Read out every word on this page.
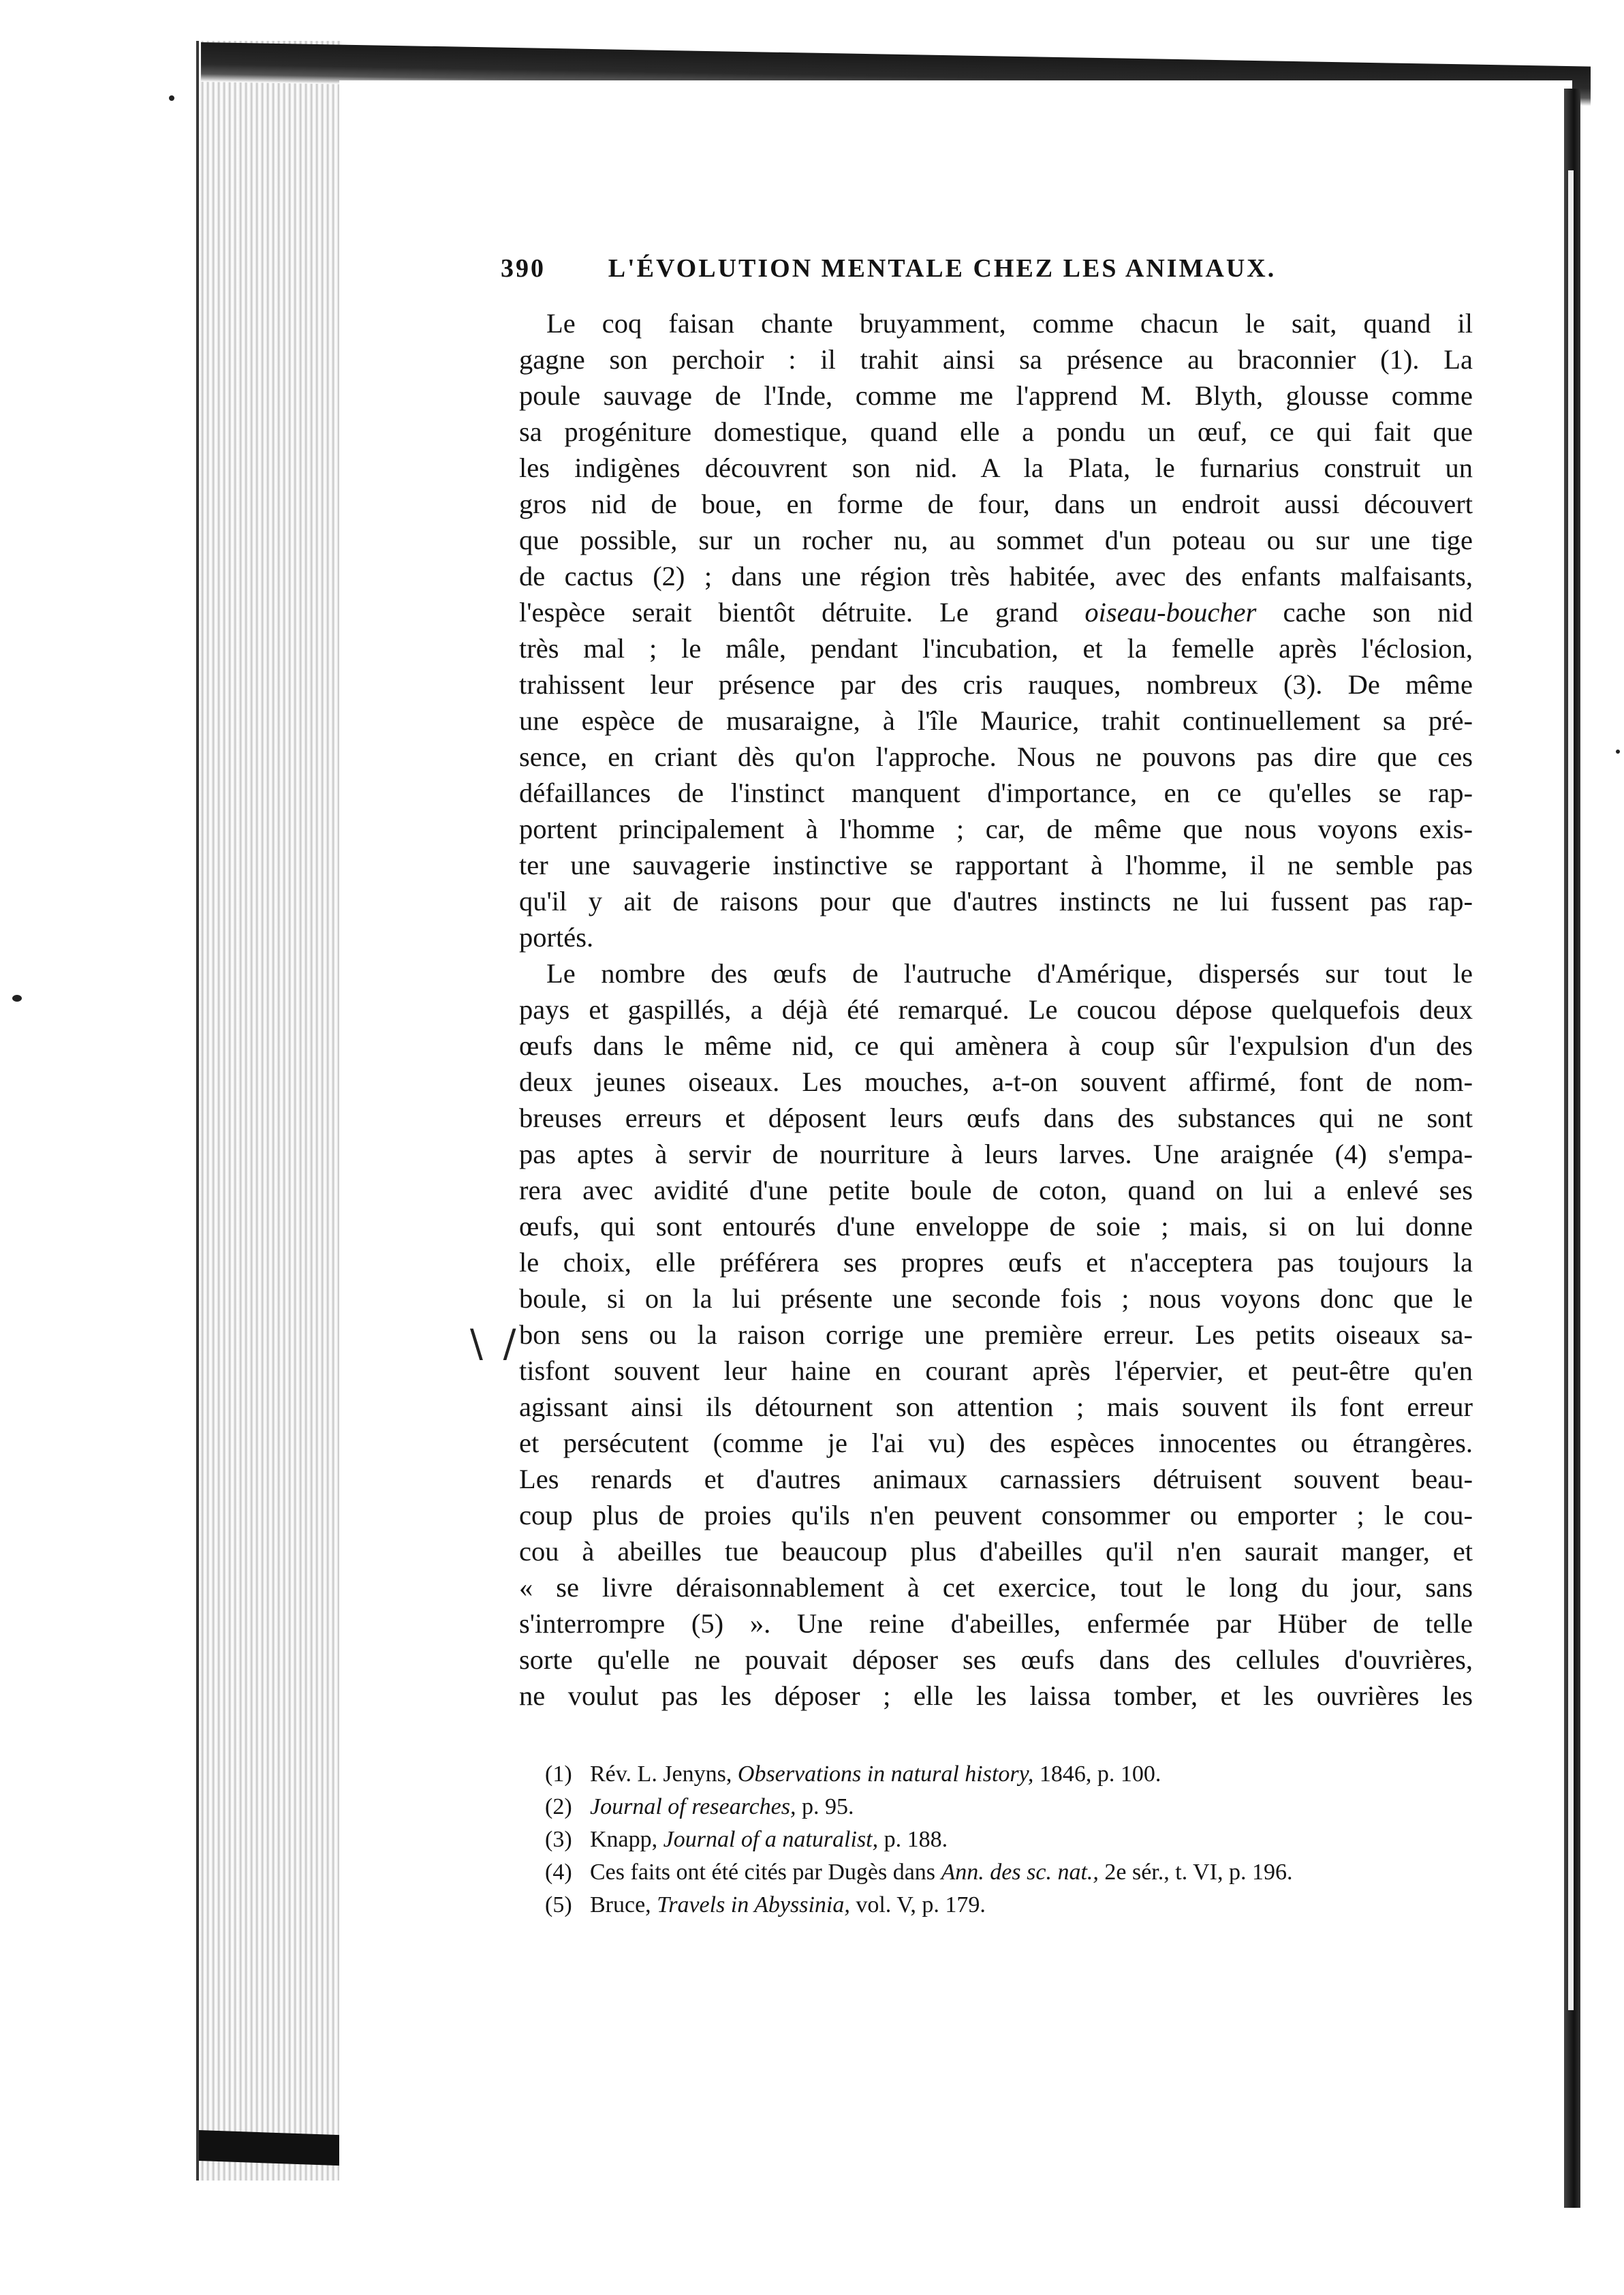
390	L'ÉVOLUTION MENTALE CHEZ LES ANIMAUX.
Le coq faisan chante bruyamment, comme chacun le sait, quand il
gagne son perchoir : il trahit ainsi sa présence au braconnier (1). La
poule sauvage de l'Inde, comme me l'apprend M. Blyth, glousse comme
sa progéniture domestique, quand elle a pondu un œuf, ce qui fait que
les indigènes découvrent son nid. A la Plata, le furnarius construit un
gros nid de boue, en forme de four, dans un endroit aussi découvert
que possible, sur un rocher nu, au sommet d'un poteau ou sur une tige
de cactus (2) ; dans une région très habitée, avec des enfants malfaisants,
l'espèce serait bientôt détruite. Le grand oiseau-boucher cache son nid
très mal ; le mâle, pendant l'incubation, et la femelle après l'éclosion,
trahissent leur présence par des cris rauques, nombreux (3). De même
une espèce de musaraigne, à l'île Maurice, trahit continuellement sa pré-
sence, en criant dès qu'on l'approche. Nous ne pouvons pas dire que ces
défaillances de l'instinct manquent d'importance, en ce qu'elles se rap-
portent principalement à l'homme ; car, de même que nous voyons exis-
ter une sauvagerie instinctive se rapportant à l'homme, il ne semble pas
qu'il y ait de raisons pour que d'autres instincts ne lui fussent pas rap-
portés.
Le nombre des œufs de l'autruche d'Amérique, dispersés sur tout le
pays et gaspillés, a déjà été remarqué. Le coucou dépose quelquefois deux
œufs dans le même nid, ce qui amènera à coup sûr l'expulsion d'un des
deux jeunes oiseaux. Les mouches, a-t-on souvent affirmé, font de nom-
breuses erreurs et déposent leurs œufs dans des substances qui ne sont
pas aptes à servir de nourriture à leurs larves. Une araignée (4) s'empa-
rera avec avidité d'une petite boule de coton, quand on lui a enlevé ses
œufs, qui sont entourés d'une enveloppe de soie ; mais, si on lui donne
le choix, elle préférera ses propres œufs et n'acceptera pas toujours la
boule, si on la lui présente une seconde fois ; nous voyons donc que le
bon sens ou la raison corrige une première erreur. Les petits oiseaux sa-
tisfont souvent leur haine en courant après l'épervier, et peut-être qu'en
agissant ainsi ils détournent son attention ; mais souvent ils font erreur
et persécutent (comme je l'ai vu) des espèces innocentes ou étrangères.
Les renards et d'autres animaux carnassiers détruisent souvent beau-
coup plus de proies qu'ils n'en peuvent consommer ou emporter ; le cou-
cou à abeilles tue beaucoup plus d'abeilles qu'il n'en saurait manger, et
« se livre déraisonnablement à cet exercice, tout le long du jour, sans
s'interrompre (5) ». Une reine d'abeilles, enfermée par Hüber de telle
sorte qu'elle ne pouvait déposer ses œufs dans des cellules d'ouvrières,
ne voulut pas les déposer ; elle les laissa tomber, et les ouvrières les
\ /
(1) Rév. L. Jenyns, Observations in natural history, 1846, p. 100.
(2) Journal of researches, p. 95.
(3) Knapp, Journal of a naturalist, p. 188.
(4) Ces faits ont été cités par Dugès dans Ann. des sc. nat., 2e sér., t. VI, p. 196.
(5) Bruce, Travels in Abyssinia, vol. V, p. 179.
